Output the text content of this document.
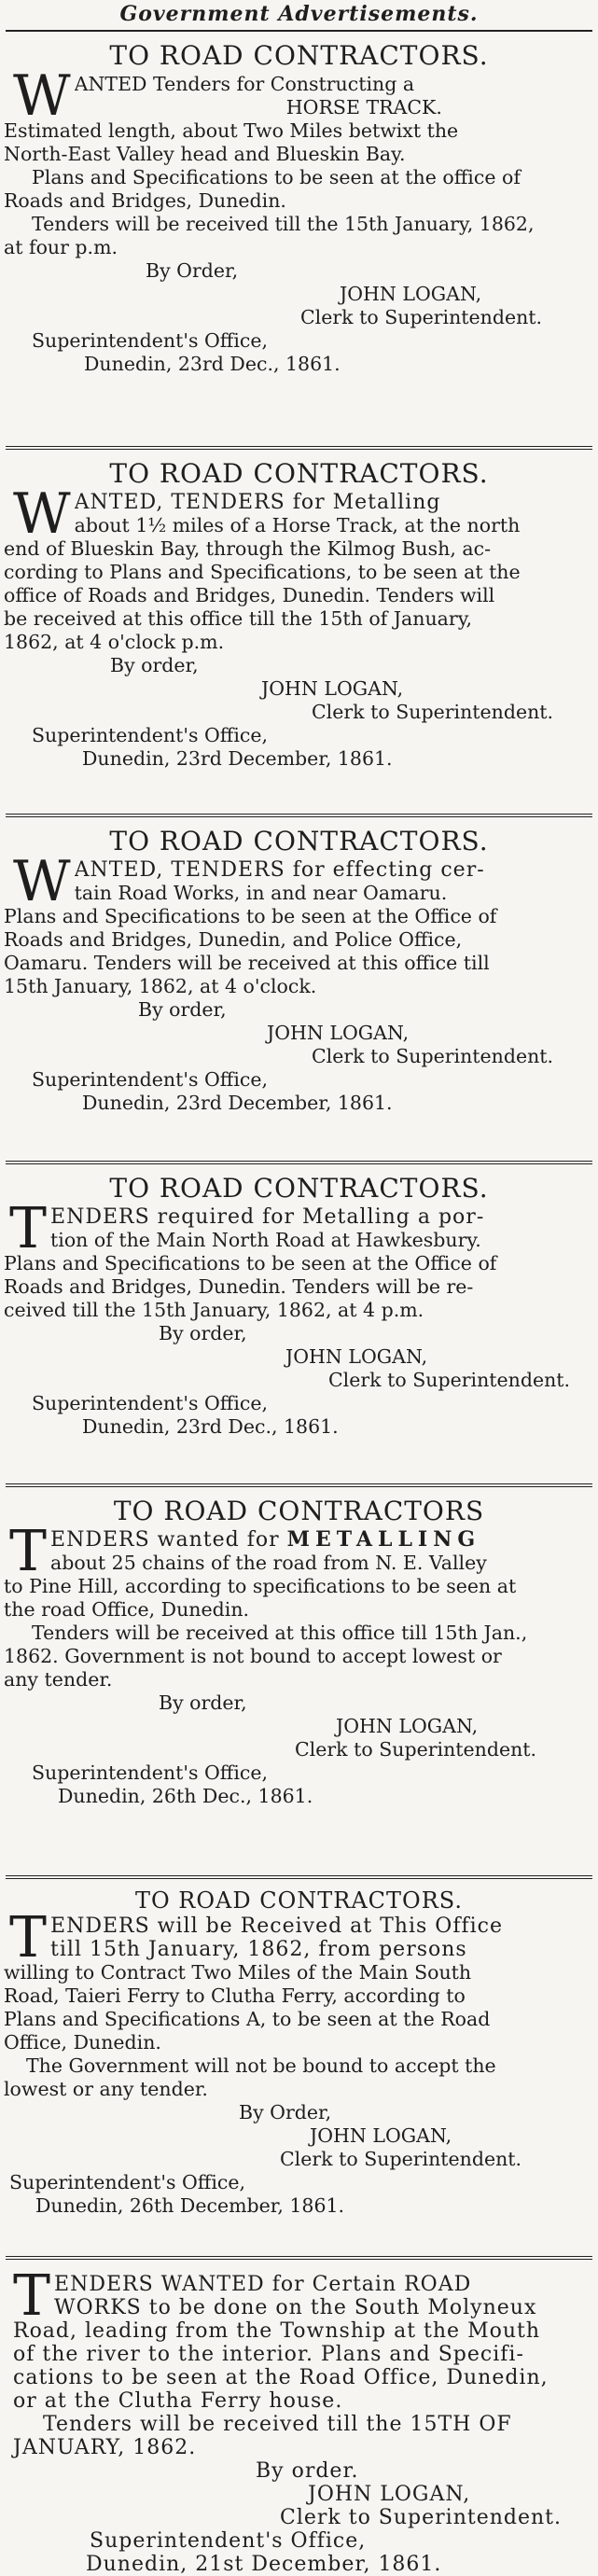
Government Advertisements.
TO ROAD CONTRACTORS.
W ANTED Tenders for Constructing a
HORSE TRACK.
Estimated length, about Two Miles betwixt the
North-East Valley head and Blueskin Bay.
Plans and Specifications to be seen at the office of
Roads and Bridges, Dunedin.
Tenders will be received till the 15th January, 1862,
at four p.m.
By Order,
JOHN LOGAN,
Clerk to Superintendent.
Superintendent's Office,
Dunedin, 23rd Dec., 1861.
TO ROAD CONTRACTORS.
W ANTED, TENDERS for Metalling
about 1½ miles of a Horse Track, at the north
end of Blueskin Bay, through the Kilmog Bush, ac-
cording to Plans and Specifications, to be seen at the
office of Roads and Bridges, Dunedin. Tenders will
be received at this office till the 15th of January,
1862, at 4 o'clock p.m.
By order,
JOHN LOGAN,
Clerk to Superintendent.
Superintendent's Office,
Dunedin, 23rd December, 1861.
TO ROAD CONTRACTORS.
W ANTED, TENDERS for effecting cer-
tain Road Works, in and near Oamaru.
Plans and Specifications to be seen at the Office of
Roads and Bridges, Dunedin, and Police Office,
Oamaru. Tenders will be received at this office till
15th January, 1862, at 4 o'clock.
By order,
JOHN LOGAN,
Clerk to Superintendent.
Superintendent's Office,
Dunedin, 23rd December, 1861.
TO ROAD CONTRACTORS.
T ENDERS required for Metalling a por-
tion of the Main North Road at Hawkesbury.
Plans and Specifications to be seen at the Office of
Roads and Bridges, Dunedin. Tenders will be re-
ceived till the 15th January, 1862, at 4 p.m.
By order,
JOHN LOGAN,
Clerk to Superintendent.
Superintendent's Office,
Dunedin, 23rd Dec., 1861.
TO ROAD CONTRACTORS
T ENDERS wanted for METALLING
about 25 chains of the road from N. E. Valley
to Pine Hill, according to specifications to be seen at
the road Office, Dunedin.
Tenders will be received at this office till 15th Jan.,
1862. Government is not bound to accept lowest or
any tender.
By order,
JOHN LOGAN,
Clerk to Superintendent.
Superintendent's Office,
Dunedin, 26th Dec., 1861.
TO ROAD CONTRACTORS.
T ENDERS will be Received at This Office
till 15th January, 1862, from persons
willing to Contract Two Miles of the Main South
Road, Taieri Ferry to Clutha Ferry, according to
Plans and Specifications A, to be seen at the Road
Office, Dunedin.
The Government will not be bound to accept the
lowest or any tender.
By Order,
JOHN LOGAN,
Clerk to Superintendent.
Superintendent's Office,
Dunedin, 26th December, 1861.
T ENDERS WANTED for Certain ROAD
WORKS to be done on the South Molyneux
Road, leading from the Township at the Mouth
of the river to the interior. Plans and Specifi-
cations to be seen at the Road Office, Dunedin,
or at the Clutha Ferry house.
Tenders will be received till the 15TH OF
JANUARY, 1862.
By order.
JOHN LOGAN,
Clerk to Superintendent.
Superintendent's Office,
Dunedin, 21st December, 1861.
